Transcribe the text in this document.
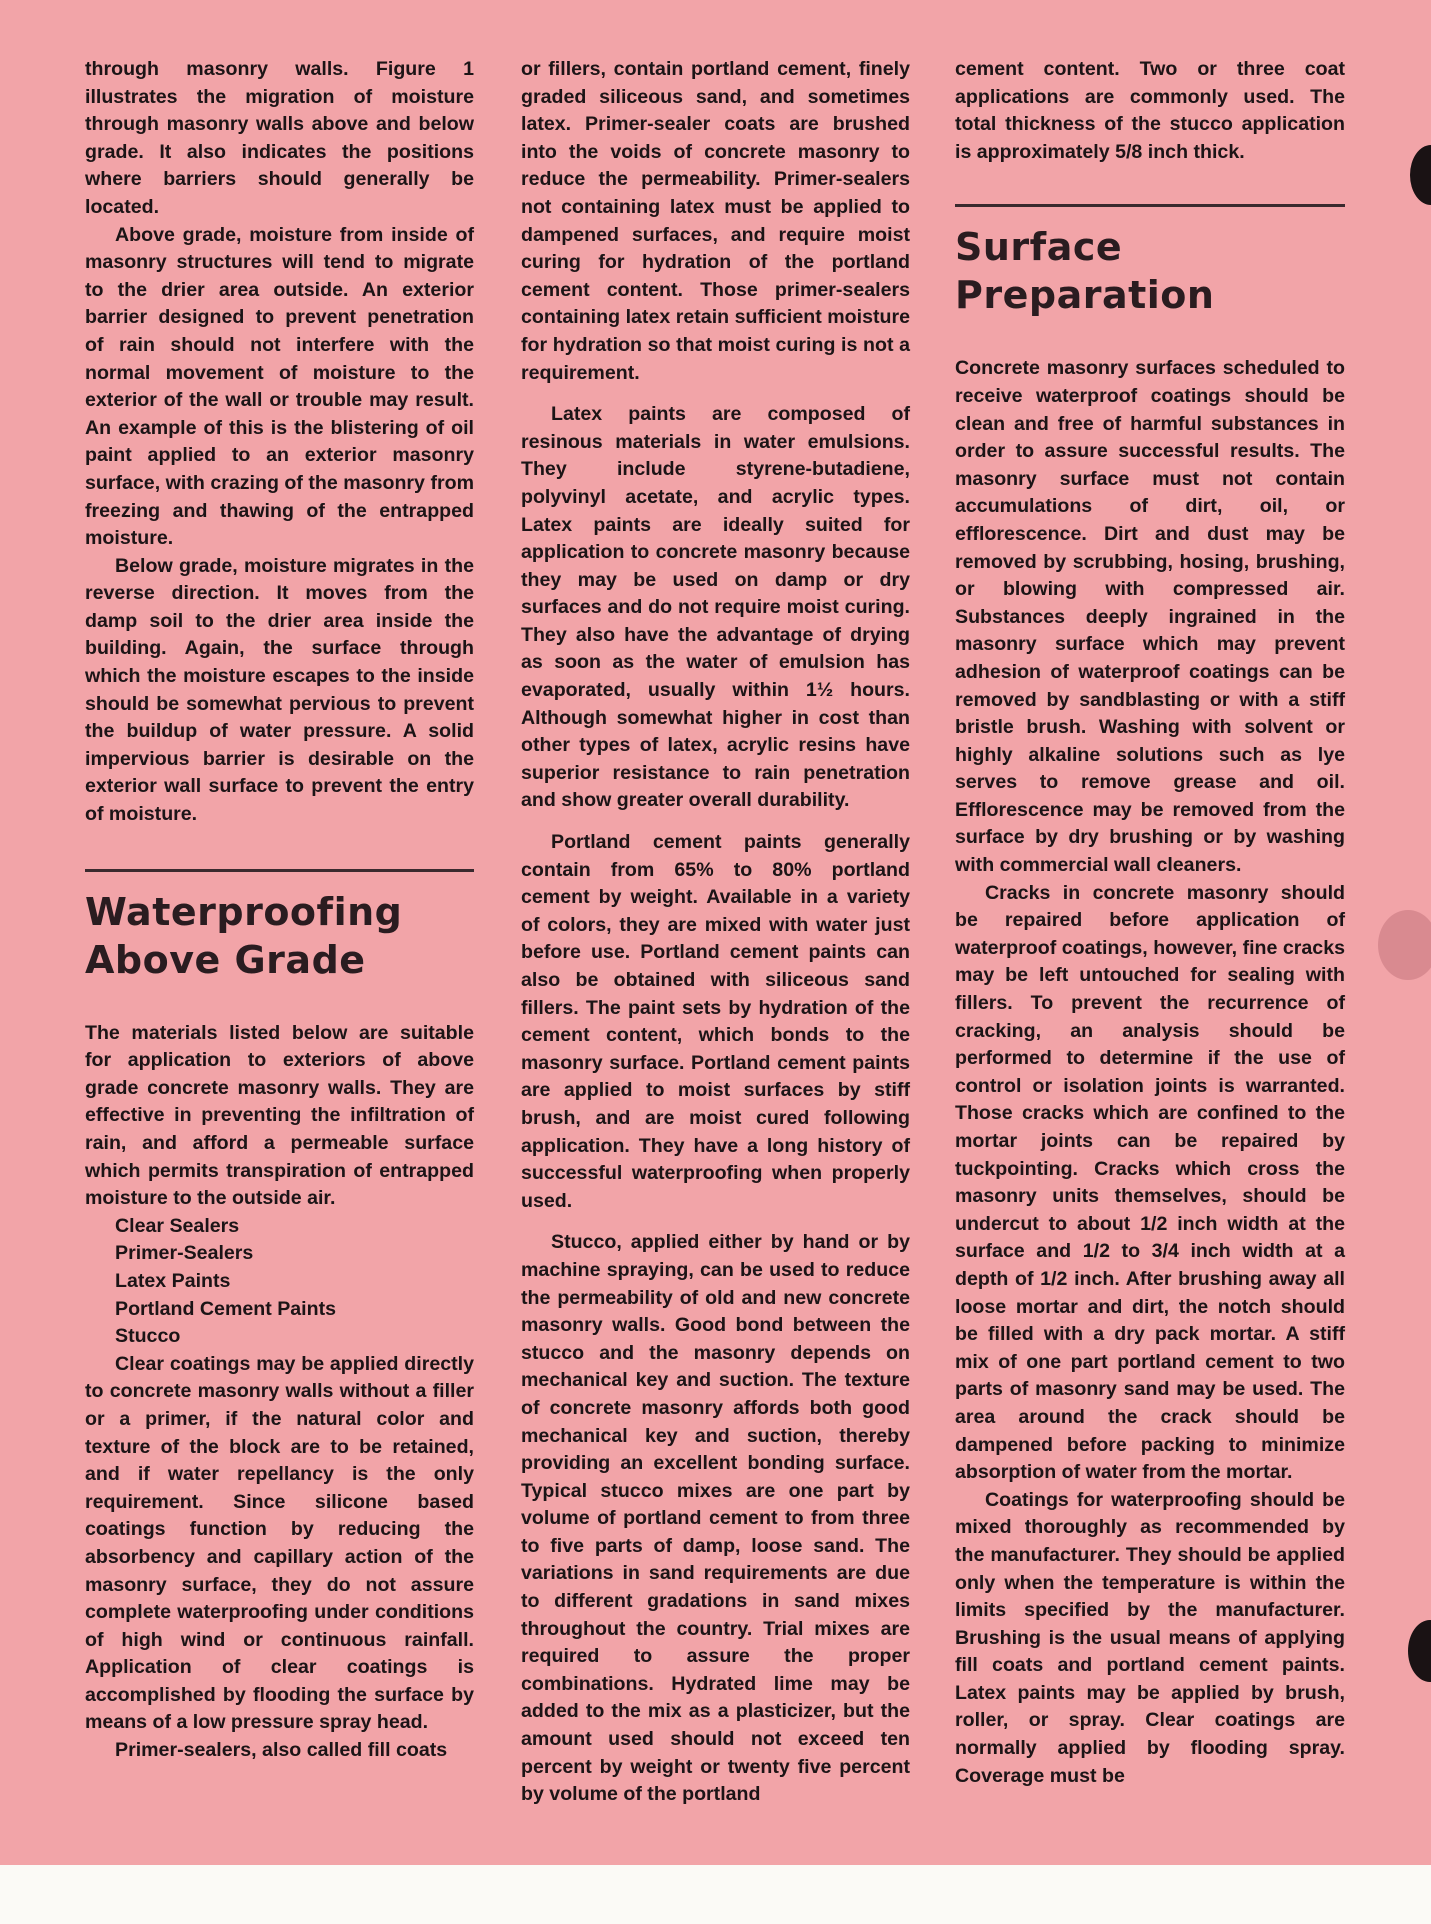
through masonry walls. Figure 1 illustrates the migration of moisture through masonry walls above and below grade. It also indicates the positions where barriers should generally be located.

Above grade, moisture from inside of masonry structures will tend to migrate to the drier area outside. An exterior barrier designed to prevent penetration of rain should not interfere with the normal movement of moisture to the exterior of the wall or trouble may result. An example of this is the blistering of oil paint applied to an exterior masonry surface, with crazing of the masonry from freezing and thawing of the entrapped moisture.

Below grade, moisture migrates in the reverse direction. It moves from the damp soil to the drier area inside the building. Again, the surface through which the moisture escapes to the inside should be somewhat pervious to prevent the buildup of water pressure. A solid impervious barrier is desirable on the exterior wall surface to prevent the entry of moisture.

Waterproofing
Above Grade

The materials listed below are suitable for application to exteriors of above grade concrete masonry walls. They are effective in preventing the infiltration of rain, and afford a permeable surface which permits transpiration of entrapped moisture to the outside air.

Clear Sealers
Primer-Sealers
Latex Paints
Portland Cement Paints
Stucco

Clear coatings may be applied directly to concrete masonry walls without a filler or a primer, if the natural color and texture of the block are to be retained, and if water repellancy is the only requirement. Since silicone based coatings function by reducing the absorbency and capillary action of the masonry surface, they do not assure complete waterproofing under conditions of high wind or continuous rainfall. Application of clear coatings is accomplished by flooding the surface by means of a low pressure spray head.

Primer-sealers, also called fill coats

or fillers, contain portland cement, finely graded siliceous sand, and sometimes latex. Primer-sealer coats are brushed into the voids of concrete masonry to reduce the permeability. Primer-sealers not containing latex must be applied to dampened surfaces, and require moist curing for hydration of the portland cement content. Those primer-sealers containing latex retain sufficient moisture for hydration so that moist curing is not a requirement.

Latex paints are composed of resinous materials in water emulsions. They include styrene-butadiene, polyvinyl acetate, and acrylic types. Latex paints are ideally suited for application to concrete masonry because they may be used on damp or dry surfaces and do not require moist curing. They also have the advantage of drying as soon as the water of emulsion has evaporated, usually within 1½ hours. Although somewhat higher in cost than other types of latex, acrylic resins have superior resistance to rain penetration and show greater overall durability.

Portland cement paints generally contain from 65% to 80% portland cement by weight. Available in a variety of colors, they are mixed with water just before use. Portland cement paints can also be obtained with siliceous sand fillers. The paint sets by hydration of the cement content, which bonds to the masonry surface. Portland cement paints are applied to moist surfaces by stiff brush, and are moist cured following application. They have a long history of successful waterproofing when properly used.

Stucco, applied either by hand or by machine spraying, can be used to reduce the permeability of old and new concrete masonry walls. Good bond between the stucco and the masonry depends on mechanical key and suction. The texture of concrete masonry affords both good mechanical key and suction, thereby providing an excellent bonding surface. Typical stucco mixes are one part by volume of portland cement to from three to five parts of damp, loose sand. The variations in sand requirements are due to different gradations in sand mixes throughout the country. Trial mixes are required to assure the proper combinations. Hydrated lime may be added to the mix as a plasticizer, but the amount used should not exceed ten percent by weight or twenty five percent by volume of the portland

cement content. Two or three coat applications are commonly used. The total thickness of the stucco application is approximately 5/8 inch thick.

Surface
Preparation

Concrete masonry surfaces scheduled to receive waterproof coatings should be clean and free of harmful substances in order to assure successful results. The masonry surface must not contain accumulations of dirt, oil, or efflorescence. Dirt and dust may be removed by scrubbing, hosing, brushing, or blowing with compressed air. Substances deeply ingrained in the masonry surface which may prevent adhesion of waterproof coatings can be removed by sandblasting or with a stiff bristle brush. Washing with solvent or highly alkaline solutions such as lye serves to remove grease and oil. Efflorescence may be removed from the surface by dry brushing or by washing with commercial wall cleaners.

Cracks in concrete masonry should be repaired before application of waterproof coatings, however, fine cracks may be left untouched for sealing with fillers. To prevent the recurrence of cracking, an analysis should be performed to determine if the use of control or isolation joints is warranted. Those cracks which are confined to the mortar joints can be repaired by tuckpointing. Cracks which cross the masonry units themselves, should be undercut to about 1/2 inch width at the surface and 1/2 to 3/4 inch width at a depth of 1/2 inch. After brushing away all loose mortar and dirt, the notch should be filled with a dry pack mortar. A stiff mix of one part portland cement to two parts of masonry sand may be used. The area around the crack should be dampened before packing to minimize absorption of water from the mortar.

Coatings for waterproofing should be mixed thoroughly as recommended by the manufacturer. They should be applied only when the temperature is within the limits specified by the manufacturer. Brushing is the usual means of applying fill coats and portland cement paints. Latex paints may be applied by brush, roller, or spray. Clear coatings are normally applied by flooding spray. Coverage must be
